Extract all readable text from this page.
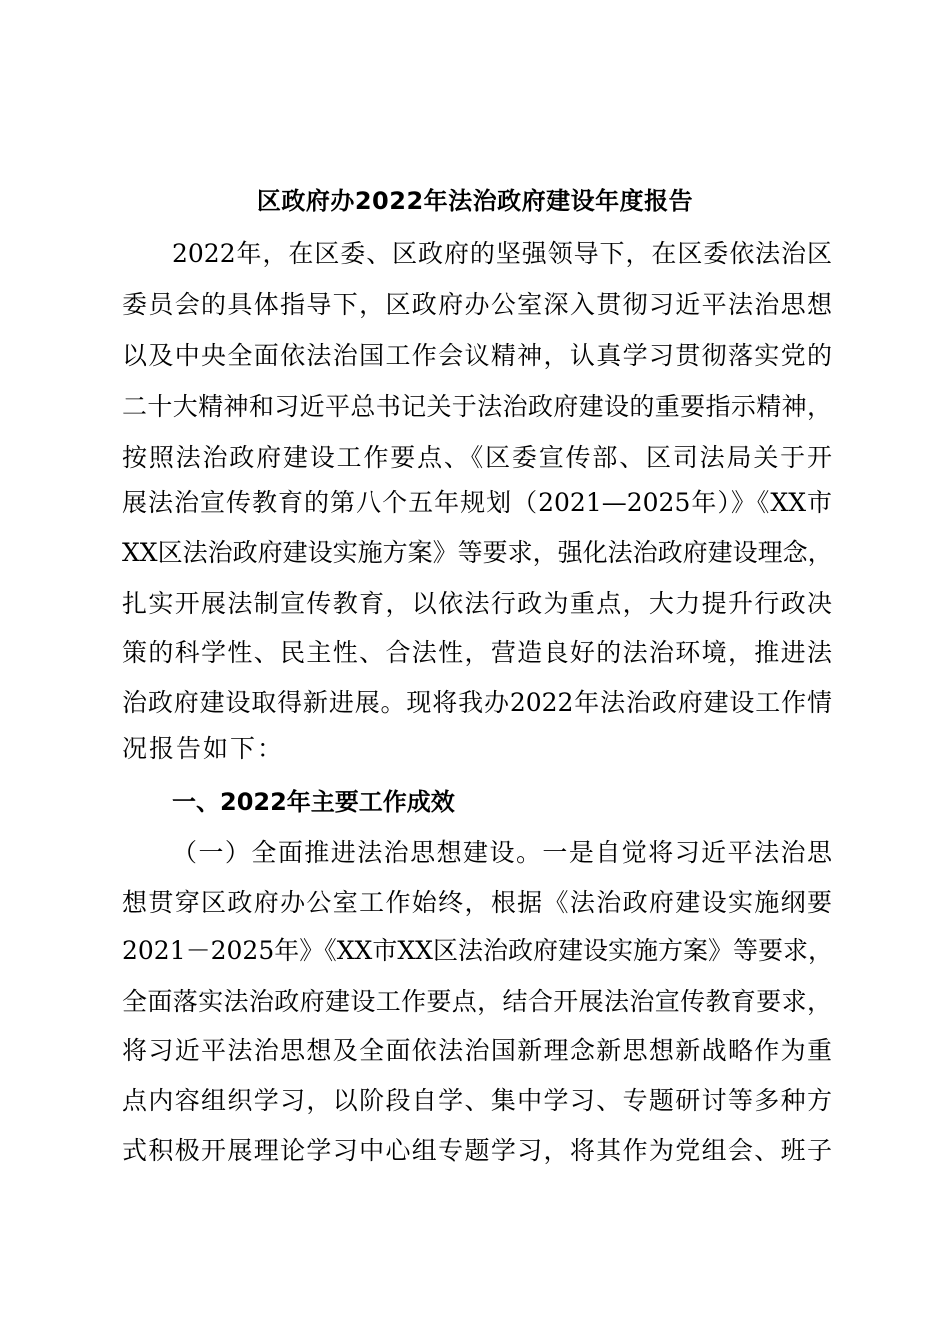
区政府办2022年法治政府建设年度报告
2022年，在区委、区政府的坚强领导下，在区委依法治区
委员会的具体指导下，区政府办公室深入贯彻习近平法治思想
以及中央全面依法治国工作会议精神，认真学习贯彻落实党的
二十大精神和习近平总书记关于法治政府建设的重要指示精神，
按照法治政府建设工作要点、《区委宣传部、区司法局关于开
展法治宣传教育的第八个五年规划（2021—2025年）》《XX市
XX区法治政府建设实施方案》等要求，强化法治政府建设理念，
扎实开展法制宣传教育，以依法行政为重点，大力提升行政决
策的科学性、民主性、合法性，营造良好的法治环境，推进法
治政府建设取得新进展。现将我办2022年法治政府建设工作情
况报告如下：
一、2022年主要工作成效
（一）全面推进法治思想建设。一是自觉将习近平法治思
想贯穿区政府办公室工作始终，根据《法治政府建设实施纲要
2021－2025年》《XX市XX区法治政府建设实施方案》等要求，
全面落实法治政府建设工作要点，结合开展法治宣传教育要求，
将习近平法治思想及全面依法治国新理念新思想新战略作为重
点内容组织学习，以阶段自学、集中学习、专题研讨等多种方
式积极开展理论学习中心组专题学习，将其作为党组会、班子
